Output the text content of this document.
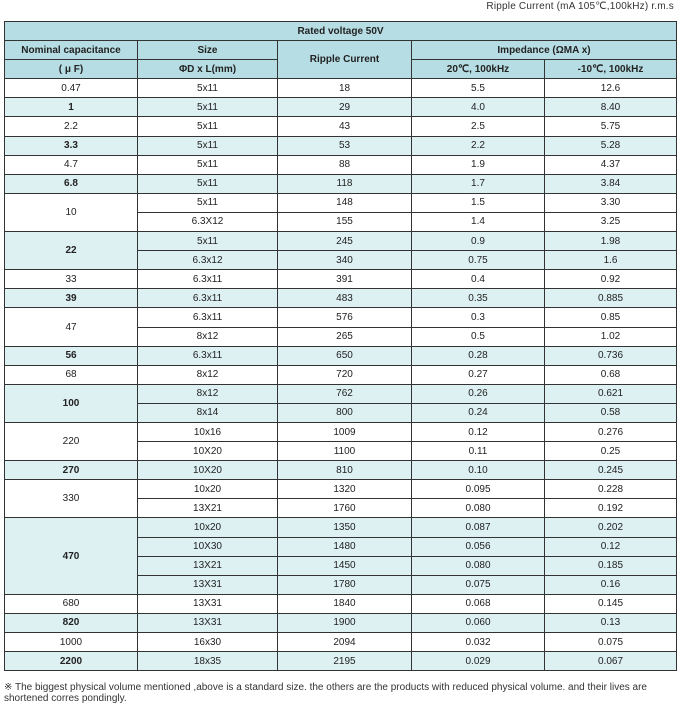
Ripple Current (mA 105℃,100kHz) r.m.s
Rated voltage 50V				
Nominal capacitance	Size	Ripple Current	Impedance (ΩMA x)	
( μ F)	ΦD x L(mm)		20℃, 100kHz	-10℃, 100kHz
0.47	5x11	18	5.5	12.6
1	5x11	29	4.0	8.40
2.2	5x11	43	2.5	5.75
3.3	5x11	53	2.2	5.28
4.7	5x11	88	1.9	4.37
6.8	5x11	118	1.7	3.84
10	5x11	148	1.5	3.30
	6.3X12	155	1.4	3.25
22	5x11	245	0.9	1.98
	6.3x12	340	0.75	1.6
33	6.3x11	391	0.4	0.92
39	6.3x11	483	0.35	0.885
47	6.3x11	576	0.3	0.85
	8x12	265	0.5	1.02
56	6.3x11	650	0.28	0.736
68	8x12	720	0.27	0.68
100	8x12	762	0.26	0.621
	8x14	800	0.24	0.58
220	10x16	1009	0.12	0.276
	10X20	1100	0.11	0.25
270	10X20	810	0.10	0.245
330	10x20	1320	0.095	0.228
	13X21	1760	0.080	0.192
470	10x20	1350	0.087	0.202
	10X30	1480	0.056	0.12
	13X21	1450	0.080	0.185
	13X31	1780	0.075	0.16
680	13X31	1840	0.068	0.145
820	13X31	1900	0.060	0.13
1000	16x30	2094	0.032	0.075
2200	18x35	2195	0.029	0.067
※ The biggest physical volume mentioned ,above is a standard size. the others are the products with reduced physical volume. and their lives are shortened corres pondingly.
